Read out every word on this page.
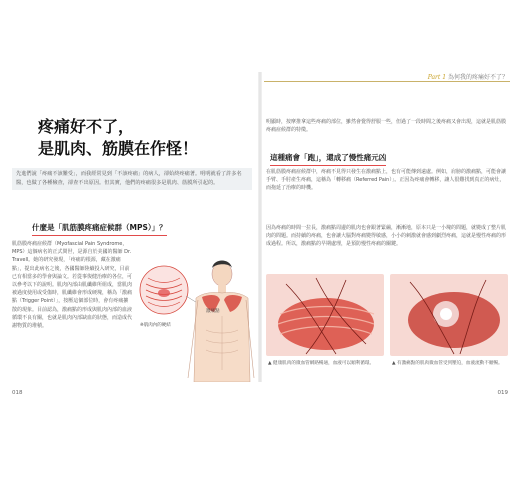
疼痛好不了，
是肌肉、筋膜在作怪！
先進們說「疼痛不該難受」，而我經常見到「不該疼痛」的病人，卻始終疼痛著。明明就看了許多名醫，也做了各種檢查，卻查不出原因。但其實，他們的疼痛很多是肌肉、筋膜所引起的。
什麼是「肌筋膜疼痛症候群（MPS）」？
肌筋膜疼痛症候群（Myofascial Pain Syndrome，MPS）這個病名的正式問世，是源自於美國的醫師 Dr. Travell。她的研究發現，「疼痛的根源，藏在激痛點」，提出此病名之後，各國醫師陸續投入研究，目前已有相當多的學會與論文。若從事復健治療的各位，可以參考以下的說明。肌肉內部由肌纖維所組成，當肌肉被過度使用或受傷時，肌纖維會形成硬塊，稱為「激痛點（Trigger Point）」，按壓這個部位時，會有疼痛擴散的現象。目前認為，激痛點的形成與肌肉內部的血液循環不良有關，也就是肌肉內部缺血的狀態，而造成代謝物質的堆積。
激痛點
※肌肉內的硬結
018
Part 1 為何我的疼痛好不了？
明顯時，按摩推拿這些疼痛的部位，雖然會覺得舒服一些，但過了一段時間之後疼痛又會出現，這就是肌筋膜疼痛症候群的特徵。
這種痛會「跑」，還成了慢性痛元凶
在肌筋膜疼痛症候群中，疼痛不見得只發生在激痛點上，也有可能傳到遠處。例如，肩膀的激痛點，可能會讓手臂、手肘產生疼痛，這稱為「轉移痛（Referred Pain）」。正因為疼痛會轉移，讓人很難找到真正的病灶，而拖延了治療的時機。
因為疼痛的時間一拉長，激痛點周邊的肌肉也會跟著緊繃，漸漸地，原本只是一小塊的問題，就變成了整片肌肉的問題。而持續的疼痛，也會讓大腦對疼痛變得敏感，小小的刺激就會感到劇烈疼痛，這就是慢性疼痛的形成過程。所以，激痛點的早期處理，是預防慢性疼痛的關鍵。
▲ 健康肌肉的微血管網路暢通，血液可以順利循環。	▲ 有激痛點的肌肉微血管受到壓迫，血液流動不順暢。
019
